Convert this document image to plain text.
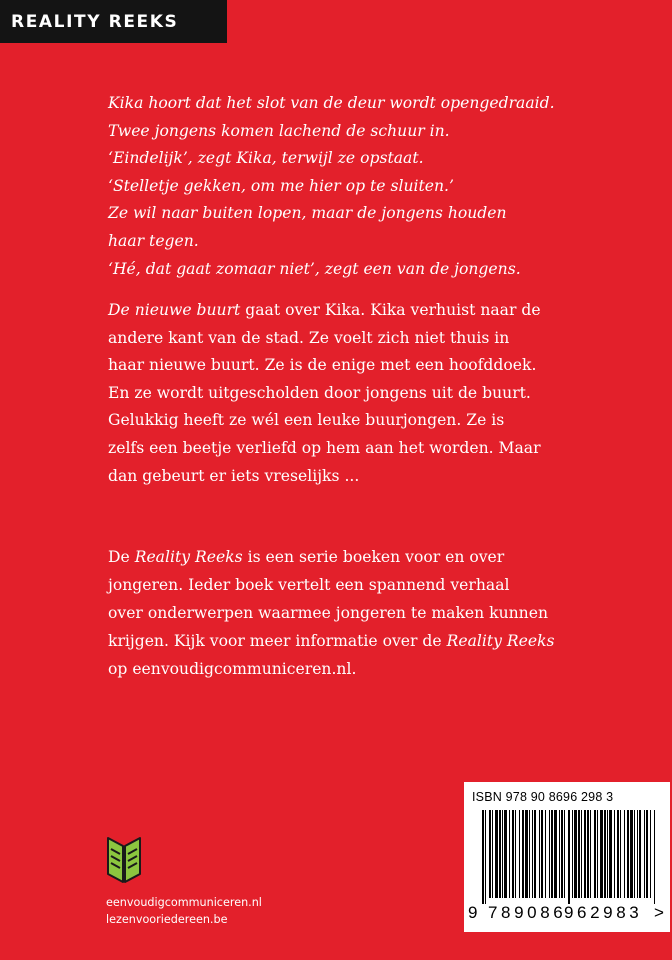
REALITY REEKS
Kika hoort dat het slot van de deur wordt opengedraaid.
Twee jongens komen lachend de schuur in.
‘Eindelijk’, zegt Kika, terwijl ze opstaat.
‘Stelletje gekken, om me hier op te sluiten.’
Ze wil naar buiten lopen, maar de jongens houden
haar tegen.
‘Hé, dat gaat zomaar niet’, zegt een van de jongens.
De nieuwe buurt gaat over Kika. Kika verhuist naar de
andere kant van de stad. Ze voelt zich niet thuis in
haar nieuwe buurt. Ze is de enige met een hoofddoek.
En ze wordt uitgescholden door jongens uit de buurt.
Gelukkig heeft ze wél een leuke buurjongen. Ze is
zelfs een beetje verliefd op hem aan het worden. Maar
dan gebeurt er iets vreselijks ...
De Reality Reeks is een serie boeken voor en over
jongeren. Ieder boek vertelt een spannend verhaal
over onderwerpen waarmee jongeren te maken kunnen
krijgen. Kijk voor meer informatie over de Reality Reeks
op eenvoudigcommuniceren.nl.
eenvoudigcommuniceren.nl
lezenvooriedereen.be
ISBN 978 90 8696 298 3
9 789086
962983 >
